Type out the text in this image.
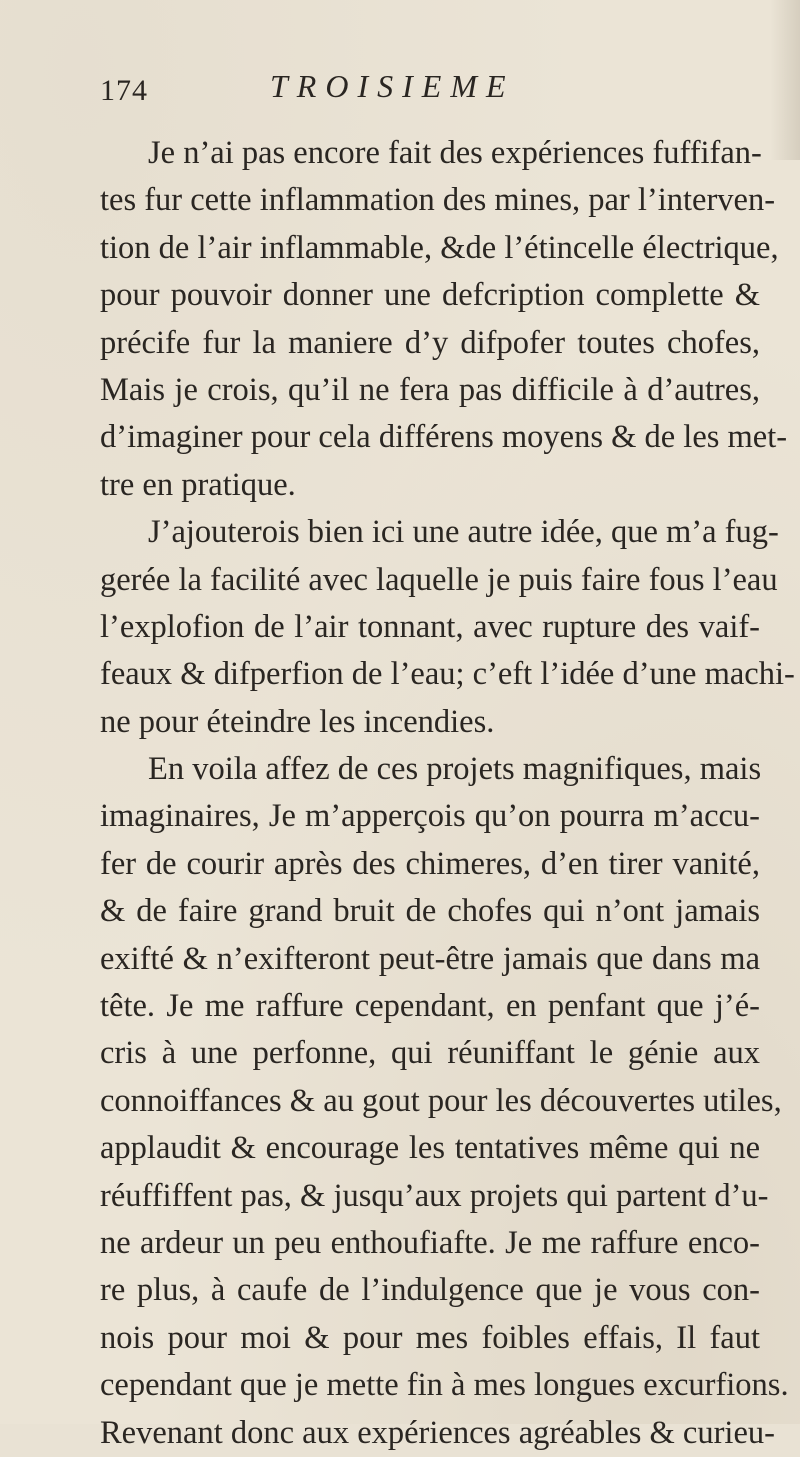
174	TROISIEME
Je n’ai pas encore fait des expériences fuffifan-
tes fur cette inflammation des mines, par l’interven-
tion de l’air inflammable, &de l’étincelle électrique,
pour pouvoir donner une defcription complette &
précife fur la maniere d’y difpofer toutes chofes,
Mais je crois, qu’il ne fera pas difficile à d’autres,
d’imaginer pour cela différens moyens & de les met-
tre en pratique.
J’ajouterois bien ici une autre idée, que m’a fug-
gerée la facilité avec laquelle je puis faire fous l’eau
l’explofion de l’air tonnant, avec rupture des vaif-
feaux & difperfion de l’eau; c’eft l’idée d’une machi-
ne pour éteindre les incendies.
En voila affez de ces projets magnifiques, mais
imaginaires, Je m’apperçois qu’on pourra m’accu-
fer de courir après des chimeres, d’en tirer vanité,
& de faire grand bruit de chofes qui n’ont jamais
exifté & n’exifteront peut-être jamais que dans ma
tête. Je me raffure cependant, en penfant que j’é-
cris à une perfonne, qui réuniffant le génie aux
connoiffances & au gout pour les découvertes utiles,
applaudit & encourage les tentatives même qui ne
réuffiffent pas, & jusqu’aux projets qui partent d’u-
ne ardeur un peu enthoufiafte. Je me raffure enco-
re plus, à caufe de l’indulgence que je vous con-
nois pour moi & pour mes foibles effais, Il faut
cependant que je mette fin à mes longues excurfions.
Revenant donc aux expériences agréables & curieu-
